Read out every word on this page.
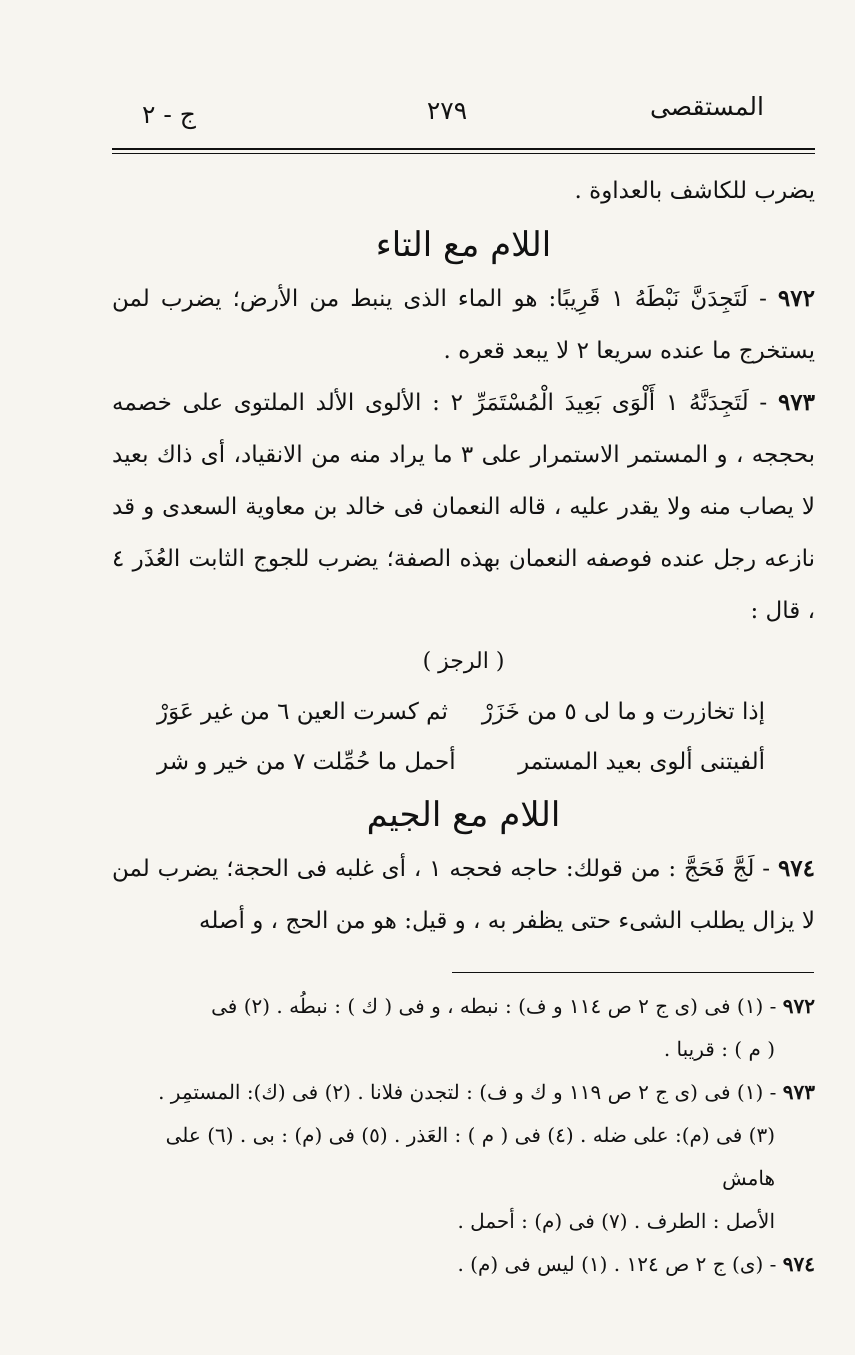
المستقصى
٢٧٩
ج - ٢

يضرب للكاشف بالعداوة .

اللام مع التاء

٩٧٢ - لَتَجِدَنَّ نَبْطَهُ ١ قَرِيبًا: هو الماء الذى ينبط من الأرض؛ يضرب لمن يستخرج ما عنده سريعا ٢ لا يبعد قعره .

٩٧٣ - لَتَجِدَنَّهُ ١ أَلْوَى بَعِيدَ الْمُسْتَمَرِّ ٢ : الألوى الألد الملتوى على خصمه بحججه ، و المستمر الاستمرار على ٣ ما يراد منه من الانقياد، أى ذاك بعيد لا يصاب منه ولا يقدر عليه ، قاله النعمان فى خالد بن معاوية السعدى و قد نازعه رجل عنده فوصفه النعمان بهذه الصفة؛ يضرب للجوج الثابت العُذَر ٤ ، قال :

( الرجز )

إذا تخازرت و ما لى ٥ من خَزَرْ
ثم كسرت العين ٦ من غير عَوَرْ
ألفيتنى ألوى بعيد المستمر
أحمل ما حُمِّلت ٧ من خير و شر

اللام مع الجيم

٩٧٤ - لَجَّ فَحَجَّ : من قولك: حاجه فحجه ١ ، أى غلبه فى الحجة؛ يضرب لمن لا يزال يطلب الشىء حتى يظفر به ، و قيل: هو من الحج ، و أصله

٩٧٢ - (١) فى (ى ج ٢ ص ١١٤ و ف) : نبطه ، و فى ( ك ) : نبطُه . (٢) فى

( م ) : قريبا .

٩٧٣ - (١) فى (ى ج ٢ ص ١١٩ و ك و ف) : لتجدن فلانا . (٢) فى (ك): المستمِر .

(٣) فى (م): على ضله . (٤) فى ( م ) : العَذر . (٥) فى (م) : بى . (٦) على هامش

الأصل : الطرف . (٧) فى (م) : أحمل .

٩٧٤ - (ى) ج ٢ ص ١٢٤ . (١) ليس فى (م) .
